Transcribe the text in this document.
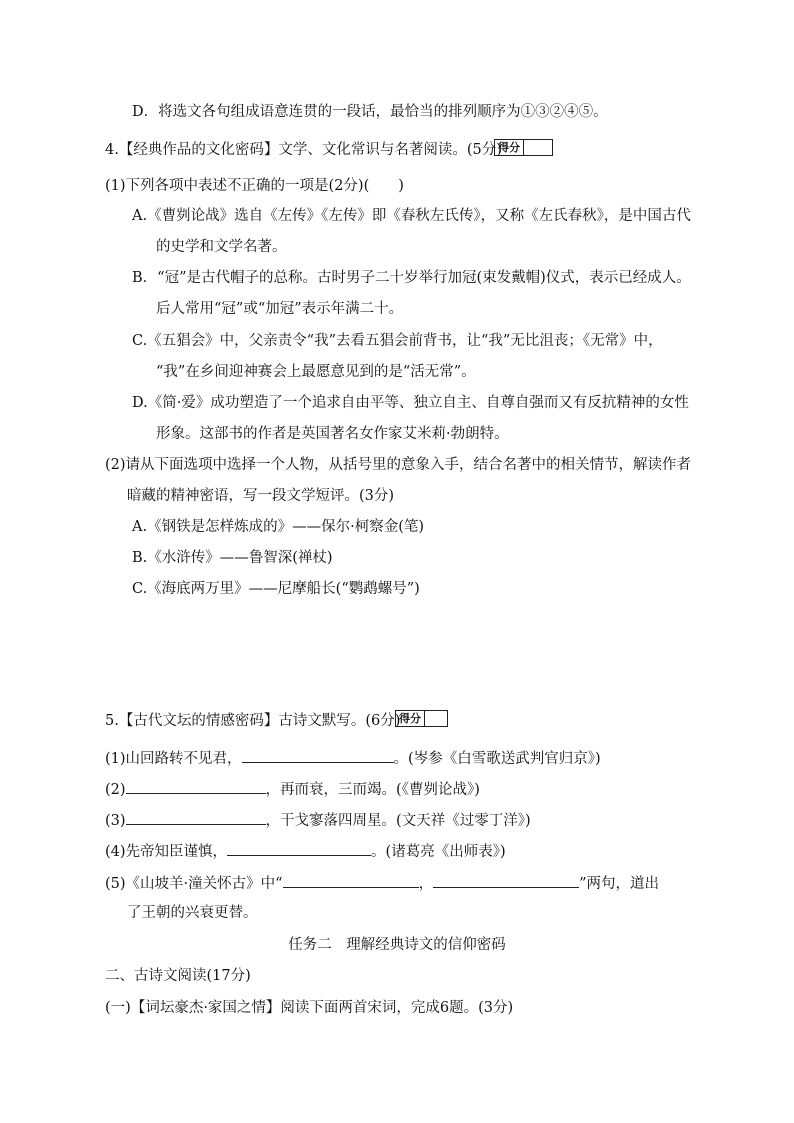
D．将选文各句组成语意连贯的一段话，最恰当的排列顺序为①③②④⑤。
4.【经典作品的文化密码】文学、文化常识与名著阅读。(5分)
得分
(1)下列各项中表述不正确的一项是(2分)(　　)
A.《曹刿论战》选自《左传》《左传》即《春秋左氏传》，又称《左氏春秋》，是中国古代
的史学和文学名著。
B．“冠”是古代帽子的总称。古时男子二十岁举行加冠(束发戴帽)仪式，表示已经成人。
后人常用“冠”或“加冠”表示年满二十。
C.《五猖会》中，父亲责令“我”去看五猖会前背书，让“我”无比沮丧；《无常》中，
“我”在乡间迎神赛会上最愿意见到的是“活无常”。
D.《简·爱》成功塑造了一个追求自由平等、独立自主、自尊自强而又有反抗精神的女性
形象。这部书的作者是英国著名女作家艾米莉·勃朗特。
(2)请从下面选项中选择一个人物，从括号里的意象入手，结合名著中的相关情节，解读作者
暗藏的精神密语，写一段文学短评。(3分)
A.《钢铁是怎样炼成的》——保尔·柯察金(笔)
B.《水浒传》——鲁智深(禅杖)
C.《海底两万里》——尼摩船长(“鹦鹉螺号”)
5.【古代文坛的情感密码】古诗文默写。(6分)
得分
(1)山回路转不见君，	。(岑参《白雪歌送武判官归京》)
(2)	，再而衰，三而竭。(《曹刿论战》)
(3)	，干戈寥落四周星。(文天祥《过零丁洋》)
(4)先帝知臣谨慎，	。(诸葛亮《出师表》)
(5)《山坡羊·潼关怀古》中“	，	”两句，道出
了王朝的兴衰更替。
任务二　理解经典诗文的信仰密码
二、古诗文阅读(17分)
(一)【词坛豪杰·家国之情】阅读下面两首宋词，完成6题。(3分)
